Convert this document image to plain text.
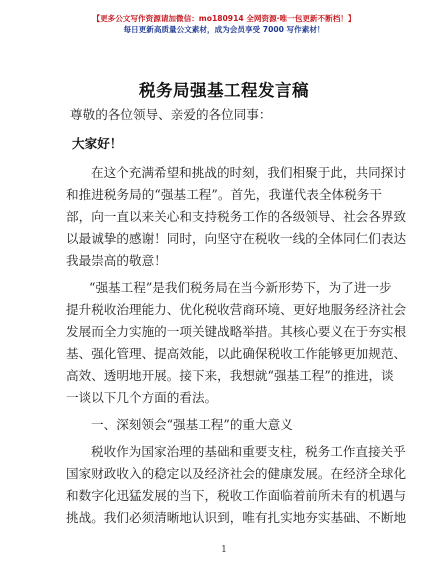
【更多公文写作资源请加微信：mo180914 全网资源·唯一包更新不断档！】
每日更新高质量公文素材，成为会员享受 7000 写作素材！
税务局强基工程发言稿
尊敬的各位领导、亲爱的各位同事：
大家好！
在这个充满希望和挑战的时刻，我们相聚于此，共同探讨
和推进税务局的“强基工程”。首先，我谨代表全体税务干
部，向一直以来关心和支持税务工作的各级领导、社会各界致
以最诚挚的感谢！同时，向坚守在税收一线的全体同仁们表达
我最崇高的敬意！
“强基工程”是我们税务局在当今新形势下，为了进一步
提升税收治理能力、优化税收营商环境、更好地服务经济社会
发展而全力实施的一项关键战略举措。其核心要义在于夯实根
基、强化管理、提高效能，以此确保税收工作能够更加规范、
高效、透明地开展。接下来，我想就“强基工程”的推进，谈
一谈以下几个方面的看法。
一、深刻领会“强基工程”的重大意义
税收作为国家治理的基础和重要支柱，税务工作直接关乎
国家财政收入的稳定以及经济社会的健康发展。在经济全球化
和数字化迅猛发展的当下，税收工作面临着前所未有的机遇与
挑战。我们必须清晰地认识到，唯有扎实地夯实基础、不断地
1
